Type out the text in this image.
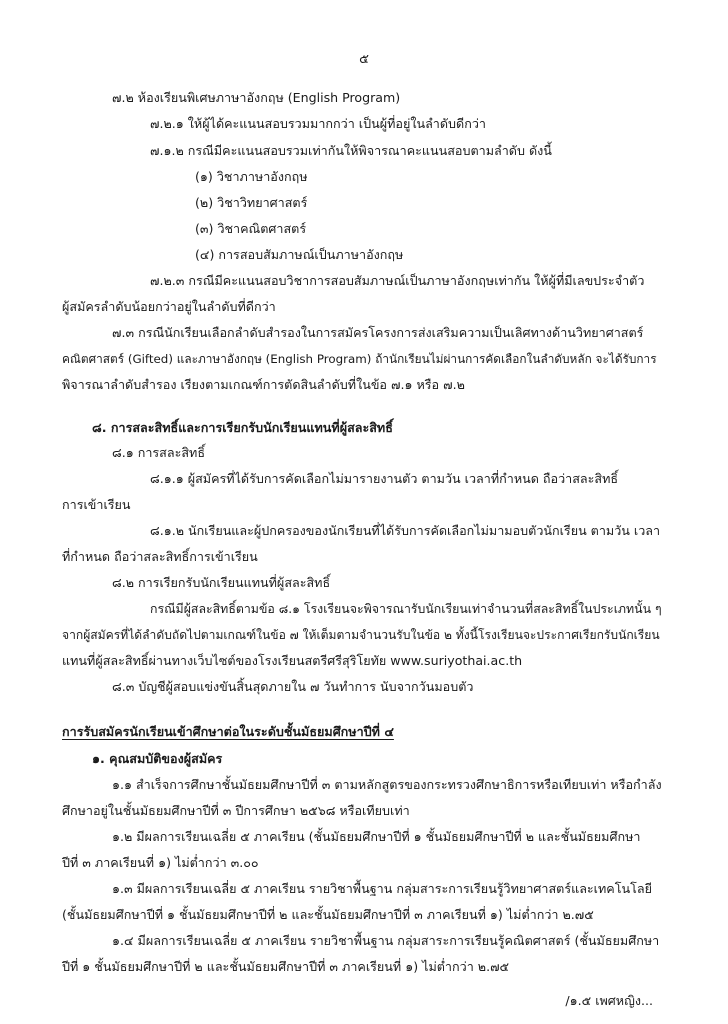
๕
๗.๒ ห้องเรียนพิเศษภาษาอังกฤษ (English Program)
๗.๒.๑ ให้ผู้ได้คะแนนสอบรวมมากกว่า เป็นผู้ที่อยู่ในลำดับดีกว่า
๗.๑.๒ กรณีมีคะแนนสอบรวมเท่ากันให้พิจารณาคะแนนสอบตามลำดับ ดังนี้
(๑) วิชาภาษาอังกฤษ
(๒) วิชาวิทยาศาสตร์
(๓) วิชาคณิตศาสตร์
(๔) การสอบสัมภาษณ์เป็นภาษาอังกฤษ
๗.๒.๓ กรณีมีคะแนนสอบวิชาการสอบสัมภาษณ์เป็นภาษาอังกฤษเท่ากัน ให้ผู้ที่มีเลขประจำตัว
ผู้สมัครลำดับน้อยกว่าอยู่ในลำดับที่ดีกว่า
๗.๓ กรณีนักเรียนเลือกลำดับสำรองในการสมัครโครงการส่งเสริมความเป็นเลิศทางด้านวิทยาศาสตร์
คณิตศาสตร์ (Gifted) และภาษาอังกฤษ (English Program) ถ้านักเรียนไม่ผ่านการคัดเลือกในลำดับหลัก จะได้รับการ
พิจารณาลำดับสำรอง เรียงตามเกณฑ์การตัดสินลำดับที่ในข้อ ๗.๑ หรือ ๗.๒
๘. การสละสิทธิ์และการเรียกรับนักเรียนแทนที่ผู้สละสิทธิ์
๘.๑ การสละสิทธิ์
๘.๑.๑ ผู้สมัครที่ได้รับการคัดเลือกไม่มารายงานตัว ตามวัน เวลาที่กำหนด ถือว่าสละสิทธิ์
การเข้าเรียน
๘.๑.๒ นักเรียนและผู้ปกครองของนักเรียนที่ได้รับการคัดเลือกไม่มามอบตัวนักเรียน ตามวัน เวลา
ที่กำหนด ถือว่าสละสิทธิ์การเข้าเรียน
๘.๒ การเรียกรับนักเรียนแทนที่ผู้สละสิทธิ์
กรณีมีผู้สละสิทธิ์ตามข้อ ๘.๑ โรงเรียนจะพิจารณารับนักเรียนเท่าจำนวนที่สละสิทธิ์ในประเภทนั้น ๆ
จากผู้สมัครที่ได้ลำดับถัดไปตามเกณฑ์ในข้อ ๗ ให้เต็มตามจำนวนรับในข้อ ๒ ทั้งนี้โรงเรียนจะประกาศเรียกรับนักเรียน
แทนที่ผู้สละสิทธิ์ผ่านทางเว็บไซต์ของโรงเรียนสตรีศรีสุริโยทัย www.suriyothai.ac.th
๘.๓ บัญชีผู้สอบแข่งขันสิ้นสุดภายใน ๗ วันทำการ นับจากวันมอบตัว
การรับสมัครนักเรียนเข้าศึกษาต่อในระดับชั้นมัธยมศึกษาปีที่ ๔
๑. คุณสมบัติของผู้สมัคร
๑.๑ สำเร็จการศึกษาชั้นมัธยมศึกษาปีที่ ๓ ตามหลักสูตรของกระทรวงศึกษาธิการหรือเทียบเท่า หรือกำลัง
ศึกษาอยู่ในชั้นมัธยมศึกษาปีที่ ๓ ปีการศึกษา ๒๕๖๘ หรือเทียบเท่า
๑.๒ มีผลการเรียนเฉลี่ย ๕ ภาคเรียน (ชั้นมัธยมศึกษาปีที่ ๑ ชั้นมัธยมศึกษาปีที่ ๒ และชั้นมัธยมศึกษา
ปีที่ ๓ ภาคเรียนที่ ๑) ไม่ต่ำกว่า ๓.๐๐
๑.๓ มีผลการเรียนเฉลี่ย ๕ ภาคเรียน รายวิชาพื้นฐาน กลุ่มสาระการเรียนรู้วิทยาศาสตร์และเทคโนโลยี
(ชั้นมัธยมศึกษาปีที่ ๑ ชั้นมัธยมศึกษาปีที่ ๒ และชั้นมัธยมศึกษาปีที่ ๓ ภาคเรียนที่ ๑) ไม่ต่ำกว่า ๒.๗๕
๑.๔ มีผลการเรียนเฉลี่ย ๕ ภาคเรียน รายวิชาพื้นฐาน กลุ่มสาระการเรียนรู้คณิตศาสตร์ (ชั้นมัธยมศึกษา
ปีที่ ๑ ชั้นมัธยมศึกษาปีที่ ๒ และชั้นมัธยมศึกษาปีที่ ๓ ภาคเรียนที่ ๑) ไม่ต่ำกว่า ๒.๗๕
/๑.๕ เพศหญิง...
